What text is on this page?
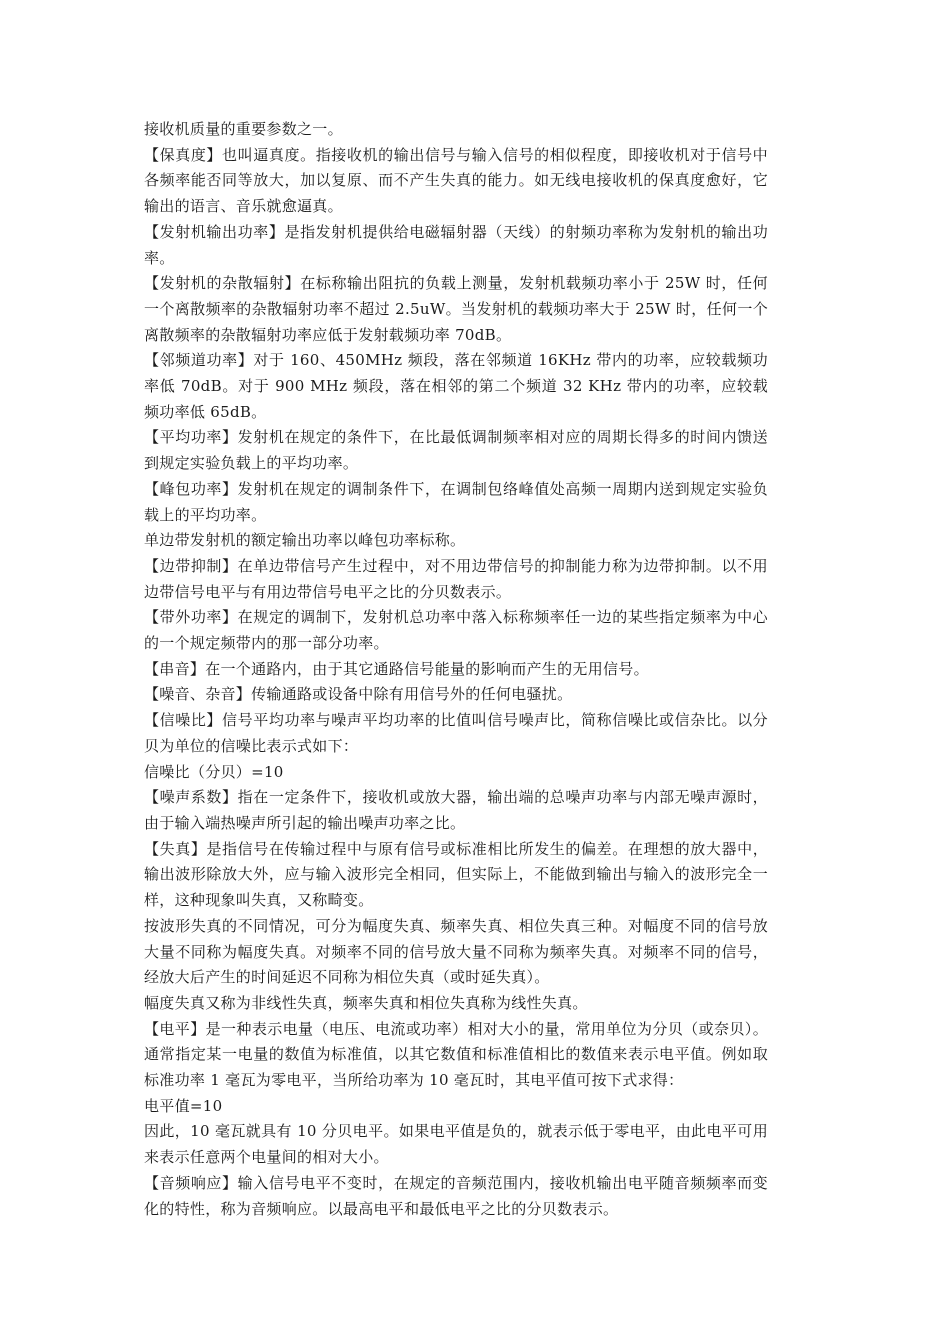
接收机质量的重要参数之一。

【保真度】也叫逼真度。指接收机的输出信号与输入信号的相似程度，即接收机对于信号中各频率能否同等放大，加以复原、而不产生失真的能力。如无线电接收机的保真度愈好，它输出的语言、音乐就愈逼真。

【发射机输出功率】是指发射机提供给电磁辐射器（天线）的射频功率称为发射机的输出功率。

【发射机的杂散辐射】在标称输出阻抗的负载上测量，发射机载频功率小于 25W 时，任何一个离散频率的杂散辐射功率不超过 2.5uW。当发射机的载频功率大于 25W 时，任何一个离散频率的杂散辐射功率应低于发射载频功率 70dB。

【邻频道功率】对于 160、450MHz 频段，落在邻频道 16KHz 带内的功率，应较载频功率低 70dB。对于 900 MHz 频段，落在相邻的第二个频道 32 KHz 带内的功率，应较载频功率低 65dB。

【平均功率】发射机在规定的条件下，在比最低调制频率相对应的周期长得多的时间内馈送到规定实验负载上的平均功率。

【峰包功率】发射机在规定的调制条件下，在调制包络峰值处高频一周期内送到规定实验负载上的平均功率。

单边带发射机的额定输出功率以峰包功率标称。

【边带抑制】在单边带信号产生过程中，对不用边带信号的抑制能力称为边带抑制。以不用边带信号电平与有用边带信号电平之比的分贝数表示。

【带外功率】在规定的调制下，发射机总功率中落入标称频率任一边的某些指定频率为中心的一个规定频带内的那一部分功率。

【串音】在一个通路内，由于其它通路信号能量的影响而产生的无用信号。

【噪音、杂音】传输通路或设备中除有用信号外的任何电骚扰。

【信噪比】信号平均功率与噪声平均功率的比值叫信号噪声比，简称信噪比或信杂比。以分贝为单位的信噪比表示式如下：

信噪比（分贝）=10

【噪声系数】指在一定条件下，接收机或放大器，输出端的总噪声功率与内部无噪声源时，由于输入端热噪声所引起的输出噪声功率之比。

【失真】是指信号在传输过程中与原有信号或标准相比所发生的偏差。在理想的放大器中，输出波形除放大外，应与输入波形完全相同，但实际上，不能做到输出与输入的波形完全一样，这种现象叫失真，又称畸变。

按波形失真的不同情况，可分为幅度失真、频率失真、相位失真三种。对幅度不同的信号放大量不同称为幅度失真。对频率不同的信号放大量不同称为频率失真。对频率不同的信号，经放大后产生的时间延迟不同称为相位失真（或时延失真）。

幅度失真又称为非线性失真，频率失真和相位失真称为线性失真。

【电平】是一种表示电量（电压、电流或功率）相对大小的量，常用单位为分贝（或奈贝）。通常指定某一电量的数值为标准值，以其它数值和标准值相比的数值来表示电平值。例如取标准功率 1 毫瓦为零电平，当所给功率为 10 毫瓦时，其电平值可按下式求得：

电平值=10

因此，10 毫瓦就具有 10 分贝电平。如果电平值是负的，就表示低于零电平，由此电平可用来表示任意两个电量间的相对大小。

【音频响应】输入信号电平不变时，在规定的音频范围内，接收机输出电平随音频频率而变化的特性，称为音频响应。以最高电平和最低电平之比的分贝数表示。
